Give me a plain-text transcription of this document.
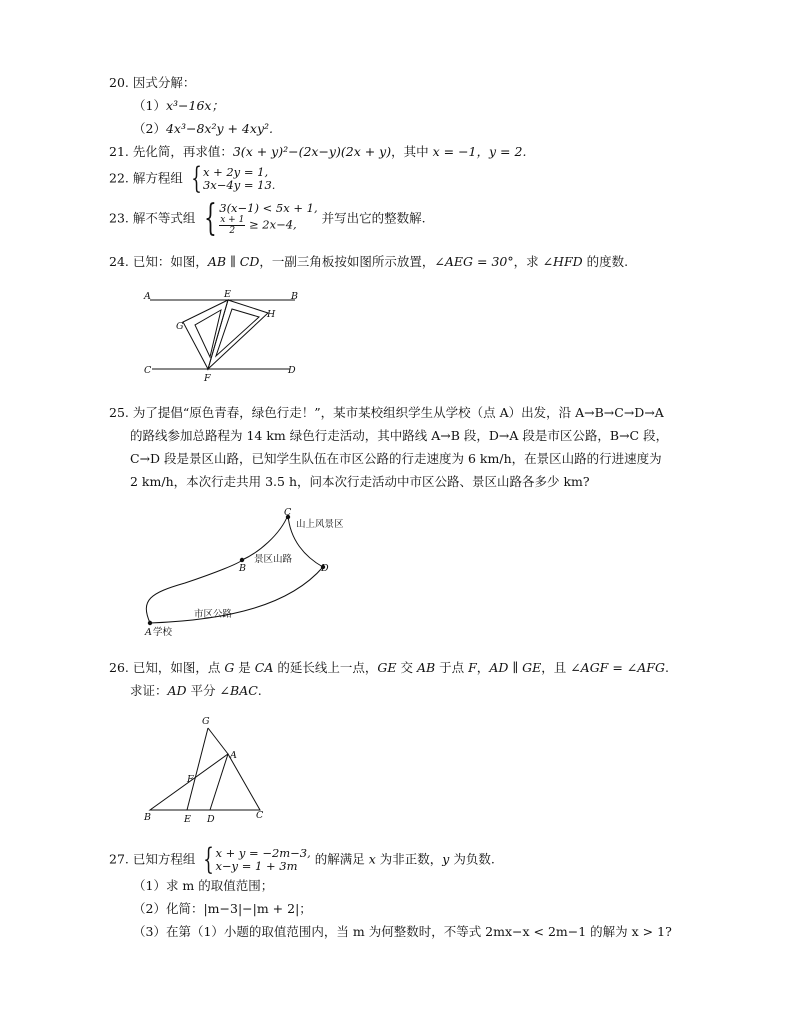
20. 因式分解：
（1）x³−16x；
（2）4x³−8x²y + 4xy².
21. 先化简，再求值：3(x + y)²−(2x−y)(2x + y)，其中 x = −1，y = 2.
22. 解方程组 { x + 2y = 1,
3x−4y = 13.
23. 解不等式组 { 3(x−1) < 5x + 1,
$\frac{x + 1}{2} \ge 2x-4$,	并写出它的整数解.
24. 已知：如图，AB ∥ CD，一副三角板按如图所示放置，∠AEG = 30°，求 ∠HFD 的度数.
A	E	B
G
H
C	D
F
25. 为了提倡“原色青春，绿色行走！”，某市某校组织学生从学校（点 A）出发，沿 A→B→C→D→A
的路线参加总路程为 14 km 绿色行走活动，其中路线 A→B 段，D→A 段是市区公路，B→C 段，
C→D 段是景区山路，已知学生队伍在市区公路的行走速度为 6 km/h，在景区山路的行进速度为
2 km/h，本次行走共用 3.5 h，问本次行走活动中市区公路、景区山路各多少 km?
C
山上风景区
B
景区山路
D
市区公路
A 学校
26. 已知，如图，点 G 是 CA 的延长线上一点，GE 交 AB 于点 F，AD ∥ GE，且 ∠AGF = ∠AFG.
求证：AD 平分 ∠BAC.
G
A
F
B	E D	C
27. 已知方程组 { x + y = −2m−3,
x−y = 1 + 3m	的解满足 x 为非正数，y 为负数.
（1）求 m 的取值范围；
（2）化简：|m−3|−|m + 2|；
（3）在第（1）小题的取值范围内，当 m 为何整数时，不等式 2mx−x < 2m−1 的解为 x > 1?
